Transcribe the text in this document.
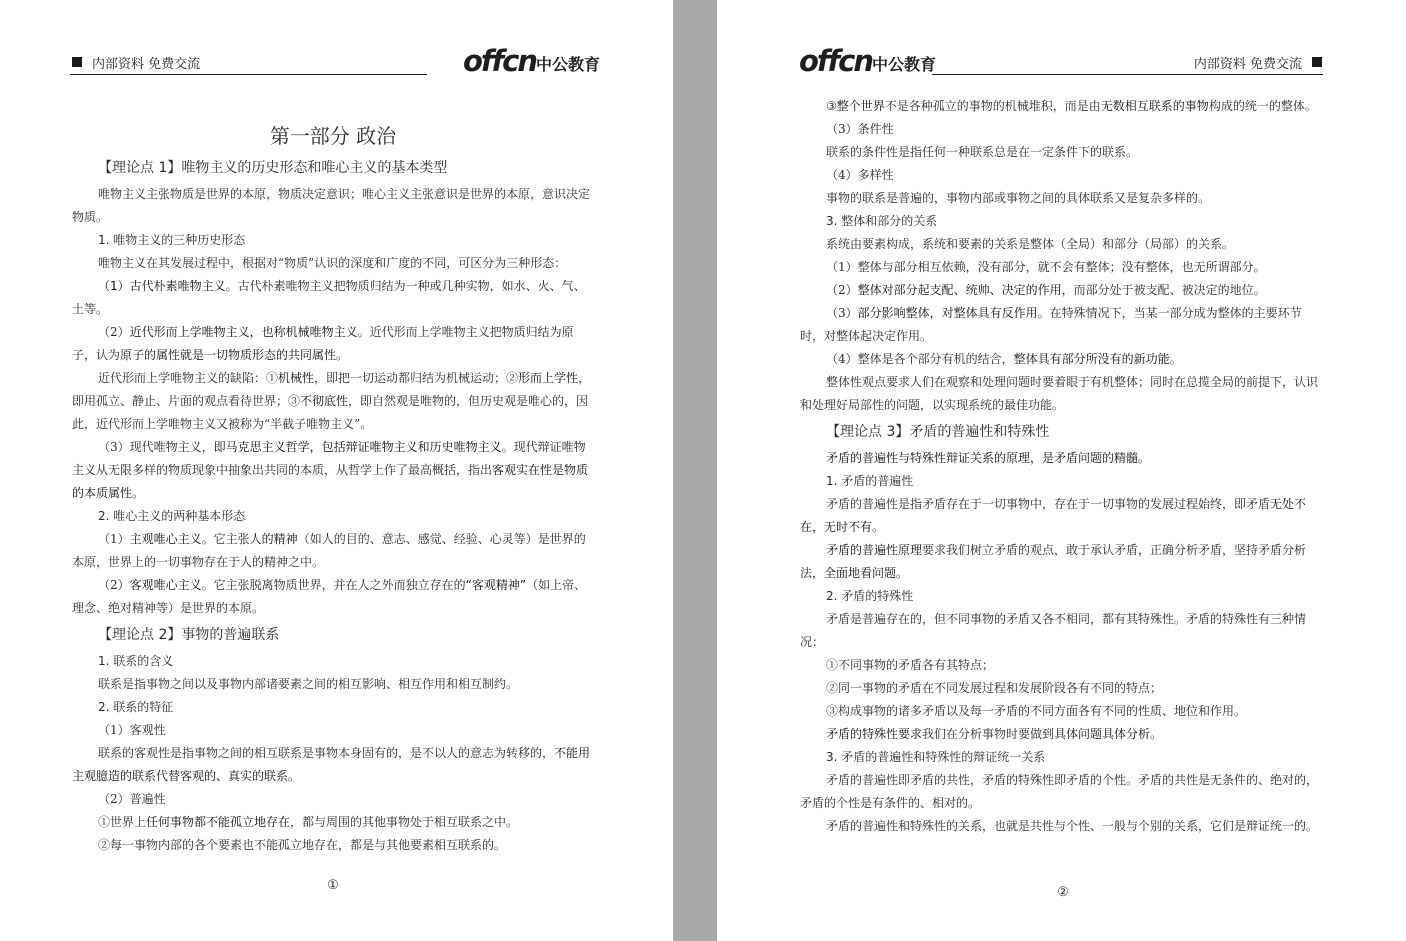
内部资料 免费交流	offcn中公教育

第一部分 政治

【理论点 1】唯物主义的历史形态和唯心主义的基本类型

唯物主义主张物质是世界的本原，物质决定意识；唯心主义主张意识是世界的本原，意识决定物质。

1. 唯物主义的三种历史形态

唯物主义在其发展过程中，根据对“物质”认识的深度和广度的不同，可区分为三种形态：

（1）古代朴素唯物主义。古代朴素唯物主义把物质归结为一种或几种实物，如水、火、气、土等。

（2）近代形而上学唯物主义，也称机械唯物主义。近代形而上学唯物主义把物质归结为原子，认为原子的属性就是一切物质形态的共同属性。

近代形而上学唯物主义的缺陷：①机械性，即把一切运动都归结为机械运动；②形而上学性，即用孤立、静止、片面的观点看待世界；③不彻底性，即自然观是唯物的，但历史观是唯心的，因此，近代形而上学唯物主义又被称为“半截子唯物主义”。

（3）现代唯物主义，即马克思主义哲学，包括辩证唯物主义和历史唯物主义。现代辩证唯物主义从无限多样的物质现象中抽象出共同的本质，从哲学上作了最高概括，指出客观实在性是物质的本质属性。

2. 唯心主义的两种基本形态

（1）主观唯心主义。它主张人的精神（如人的目的、意志、感觉、经验、心灵等）是世界的本原，世界上的一切事物存在于人的精神之中。

（2）客观唯心主义。它主张脱离物质世界，并在人之外而独立存在的“客观精神”（如上帝、理念、绝对精神等）是世界的本原。

【理论点 2】事物的普遍联系

1. 联系的含义

联系是指事物之间以及事物内部诸要素之间的相互影响、相互作用和相互制约。

2. 联系的特征

（1）客观性

联系的客观性是指事物之间的相互联系是事物本身固有的，是不以人的意志为转移的，不能用主观臆造的联系代替客观的、真实的联系。

（2）普遍性

①世界上任何事物都不能孤立地存在，都与周围的其他事物处于相互联系之中。

②每一事物内部的各个要素也不能孤立地存在，都是与其他要素相互联系的。

①
offcn中公教育	内部资料 免费交流

③整个世界不是各种孤立的事物的机械堆积，而是由无数相互联系的事物构成的统一的整体。

（3）条件性

联系的条件性是指任何一种联系总是在一定条件下的联系。

（4）多样性

事物的联系是普遍的，事物内部或事物之间的具体联系又是复杂多样的。

3. 整体和部分的关系

系统由要素构成，系统和要素的关系是整体（全局）和部分（局部）的关系。

（1）整体与部分相互依赖，没有部分，就不会有整体；没有整体，也无所谓部分。

（2）整体对部分起支配、统帅、决定的作用，而部分处于被支配、被决定的地位。

（3）部分影响整体，对整体具有反作用。在特殊情况下，当某一部分成为整体的主要环节时，对整体起决定作用。

（4）整体是各个部分有机的结合，整体具有部分所没有的新功能。

整体性观点要求人们在观察和处理问题时要着眼于有机整体；同时在总揽全局的前提下，认识和处理好局部性的问题，以实现系统的最佳功能。

【理论点 3】矛盾的普遍性和特殊性

矛盾的普遍性与特殊性辩证关系的原理，是矛盾问题的精髓。

1. 矛盾的普遍性

矛盾的普遍性是指矛盾存在于一切事物中，存在于一切事物的发展过程始终，即矛盾无处不在，无时不有。

矛盾的普遍性原理要求我们树立矛盾的观点，敢于承认矛盾，正确分析矛盾，坚持矛盾分析法，全面地看问题。

2. 矛盾的特殊性

矛盾是普遍存在的，但不同事物的矛盾又各不相同，都有其特殊性。矛盾的特殊性有三种情况：

①不同事物的矛盾各有其特点；

②同一事物的矛盾在不同发展过程和发展阶段各有不同的特点；

③构成事物的诸多矛盾以及每一矛盾的不同方面各有不同的性质、地位和作用。

矛盾的特殊性要求我们在分析事物时要做到具体问题具体分析。

3. 矛盾的普遍性和特殊性的辩证统一关系

矛盾的普遍性即矛盾的共性，矛盾的特殊性即矛盾的个性。矛盾的共性是无条件的、绝对的，矛盾的个性是有条件的、相对的。

矛盾的普遍性和特殊性的关系，也就是共性与个性、一般与个别的关系，它们是辩证统一的。

②
